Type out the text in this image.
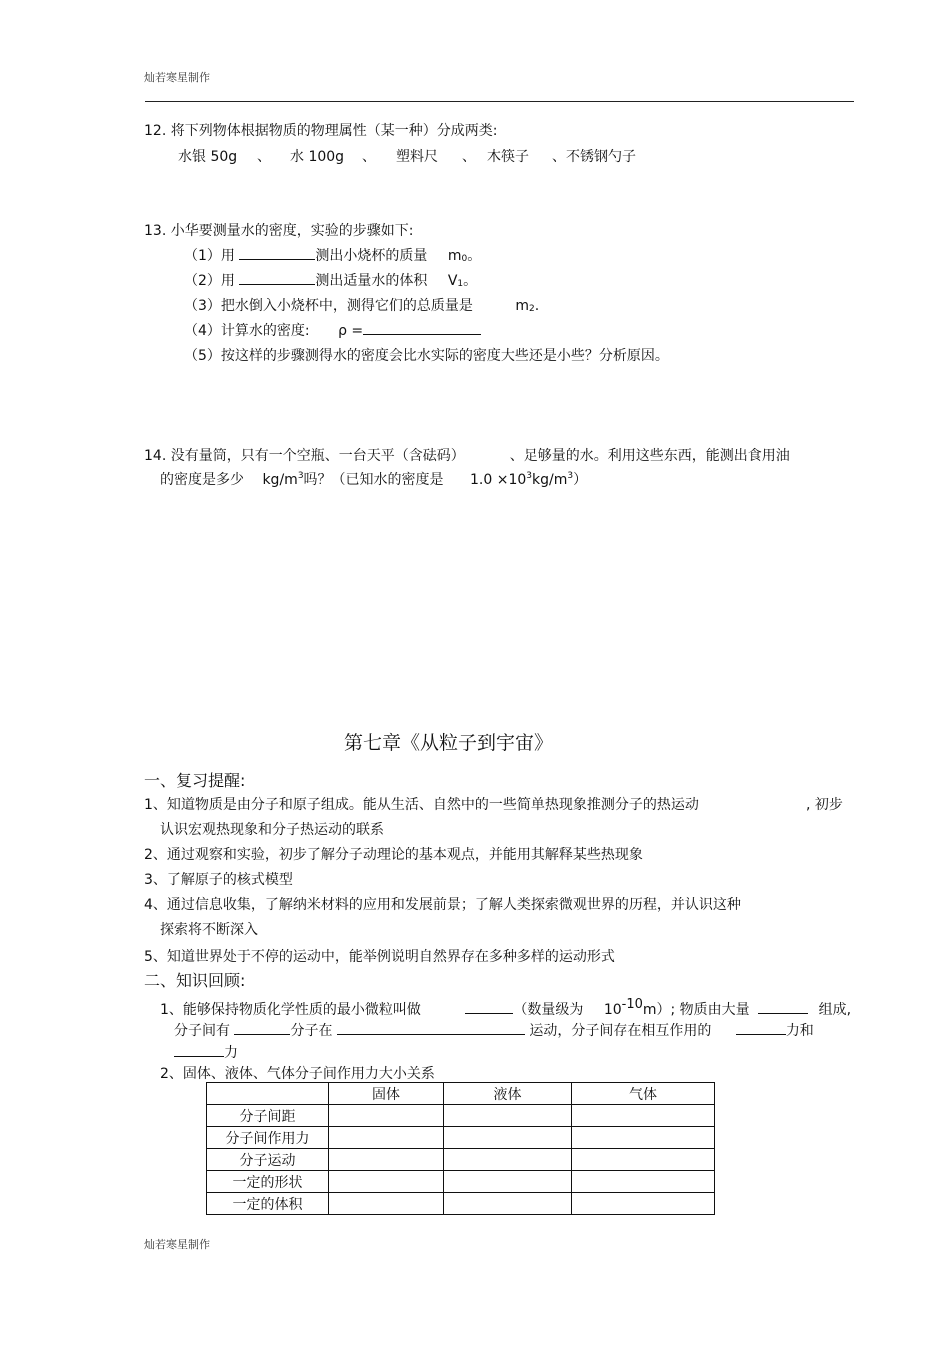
灿若寒星制作
12. 将下列物体根据物质的物理属性（某一种）分成两类:
水银 50g 、 水 100g 、 塑料尺 、 木筷子 、不锈钢勺子
13. 小华要测量水的密度，实验的步骤如下:
（1）用	测出小烧杯的质量 $m_0$。
（2）用	测出适量水的体积 $V_1$。
（3）把水倒入小烧杯中，测得它们的总质量是	$m_2$.
（4）计算水的密度: ρ =
（5）按这样的步骤测得水的密度会比水实际的密度大些还是小些？分析原因。
14. 没有量筒，只有一个空瓶、一台天平（含砝码）	、足够量的水。利用这些东西，能测出食用油
的密度是多少 $kg/m^3$吗？（已知水的密度是 $1.0 \times 10^3kg/m^3$）
第七章《从粒子到宇宙》
一、复习提醒:
1、知道物质是由分子和原子组成。能从生活、自然中的一些简单热现象推测分子的热运动	, 初步
认识宏观热现象和分子热运动的联系
2、通过观察和实验，初步了解分子动理论的基本观点，并能用其解释某些热现象
3、了解原子的核式模型
4、通过信息收集，了解纳米材料的应用和发展前景；了解人类探索微观世界的历程，并认识这种
探索将不断深入
5、知道世界处于不停的运动中，能举例说明自然界存在多种多样的运动形式
二、知识回顾:
1、能够保持物质化学性质的最小微粒叫做	（数量级为 10-10m）; 物质由大量	组成,
分子间有	分子在	运动，分子间存在相互作用的	力和
力
2、固体、液体、气体分子间作用力大小关系
	固体	液体	气体
分子间距			
分子间作用力			
分子运动			
一定的形状			
一定的体积			
灿若寒星制作
